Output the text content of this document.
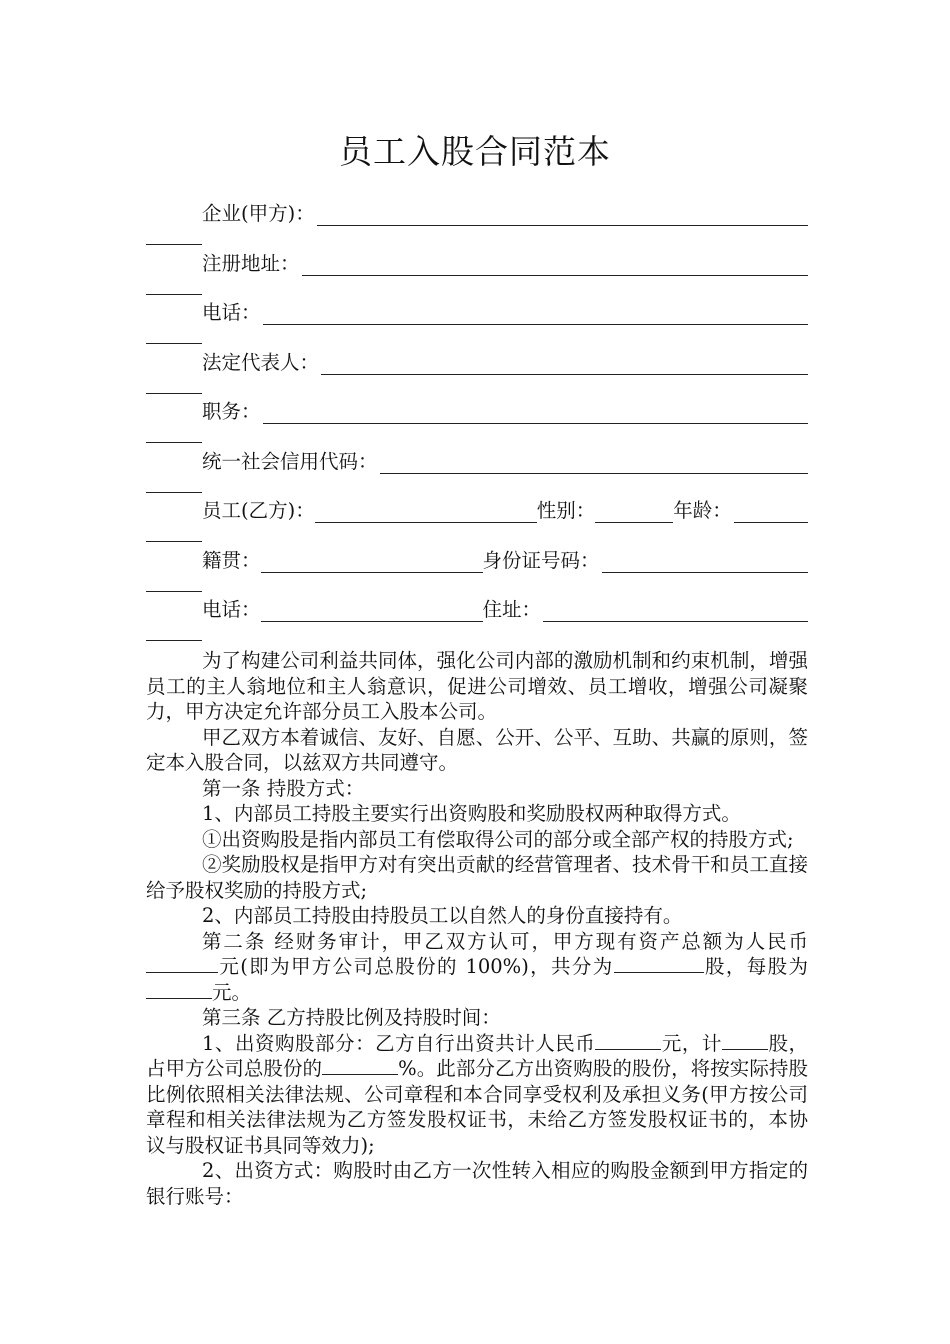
员工入股合同范本
企业(甲方)：
注册地址：
电话：
法定代表人：
职务：
统一社会信用代码：
员工(乙方)：	性别：	年龄：
籍贯：	身份证号码：
电话：	住址：

为了构建公司利益共同体，强化公司内部的激励机制和约束机制，增强员工的主人翁地位和主人翁意识，促进公司增效、员工增收，增强公司凝聚力，甲方决定允许部分员工入股本公司。

甲乙双方本着诚信、友好、自愿、公开、公平、互助、共赢的原则，签定本入股合同，以兹双方共同遵守。

第一条 持股方式：

1、内部员工持股主要实行出资购股和奖励股权两种取得方式。

①出资购股是指内部员工有偿取得公司的部分或全部产权的持股方式;

②奖励股权是指甲方对有突出贡献的经营管理者、技术骨干和员工直接给予股权奖励的持股方式;

2、内部员工持股由持股员工以自然人的身份直接持有。

第二条 经财务审计，甲乙双方认可，甲方现有资产总额为人民币元(即为甲方公司总股份的 100%)，共分为	股，每股为元。

第三条 乙方持股比例及持股时间：

1、出资购股部分：乙方自行出资共计人民币	元，计 股，占甲方公司总股份的	%。此部分乙方出资购股的股份，将按实际持股比例依照相关法律法规、公司章程和本合同享受权利及承担义务(甲方按公司章程和相关法律法规为乙方签发股权证书，未给乙方签发股权证书的，本协议与股权证书具同等效力);

2、出资方式：购股时由乙方一次性转入相应的购股金额到甲方指定的银行账号：
